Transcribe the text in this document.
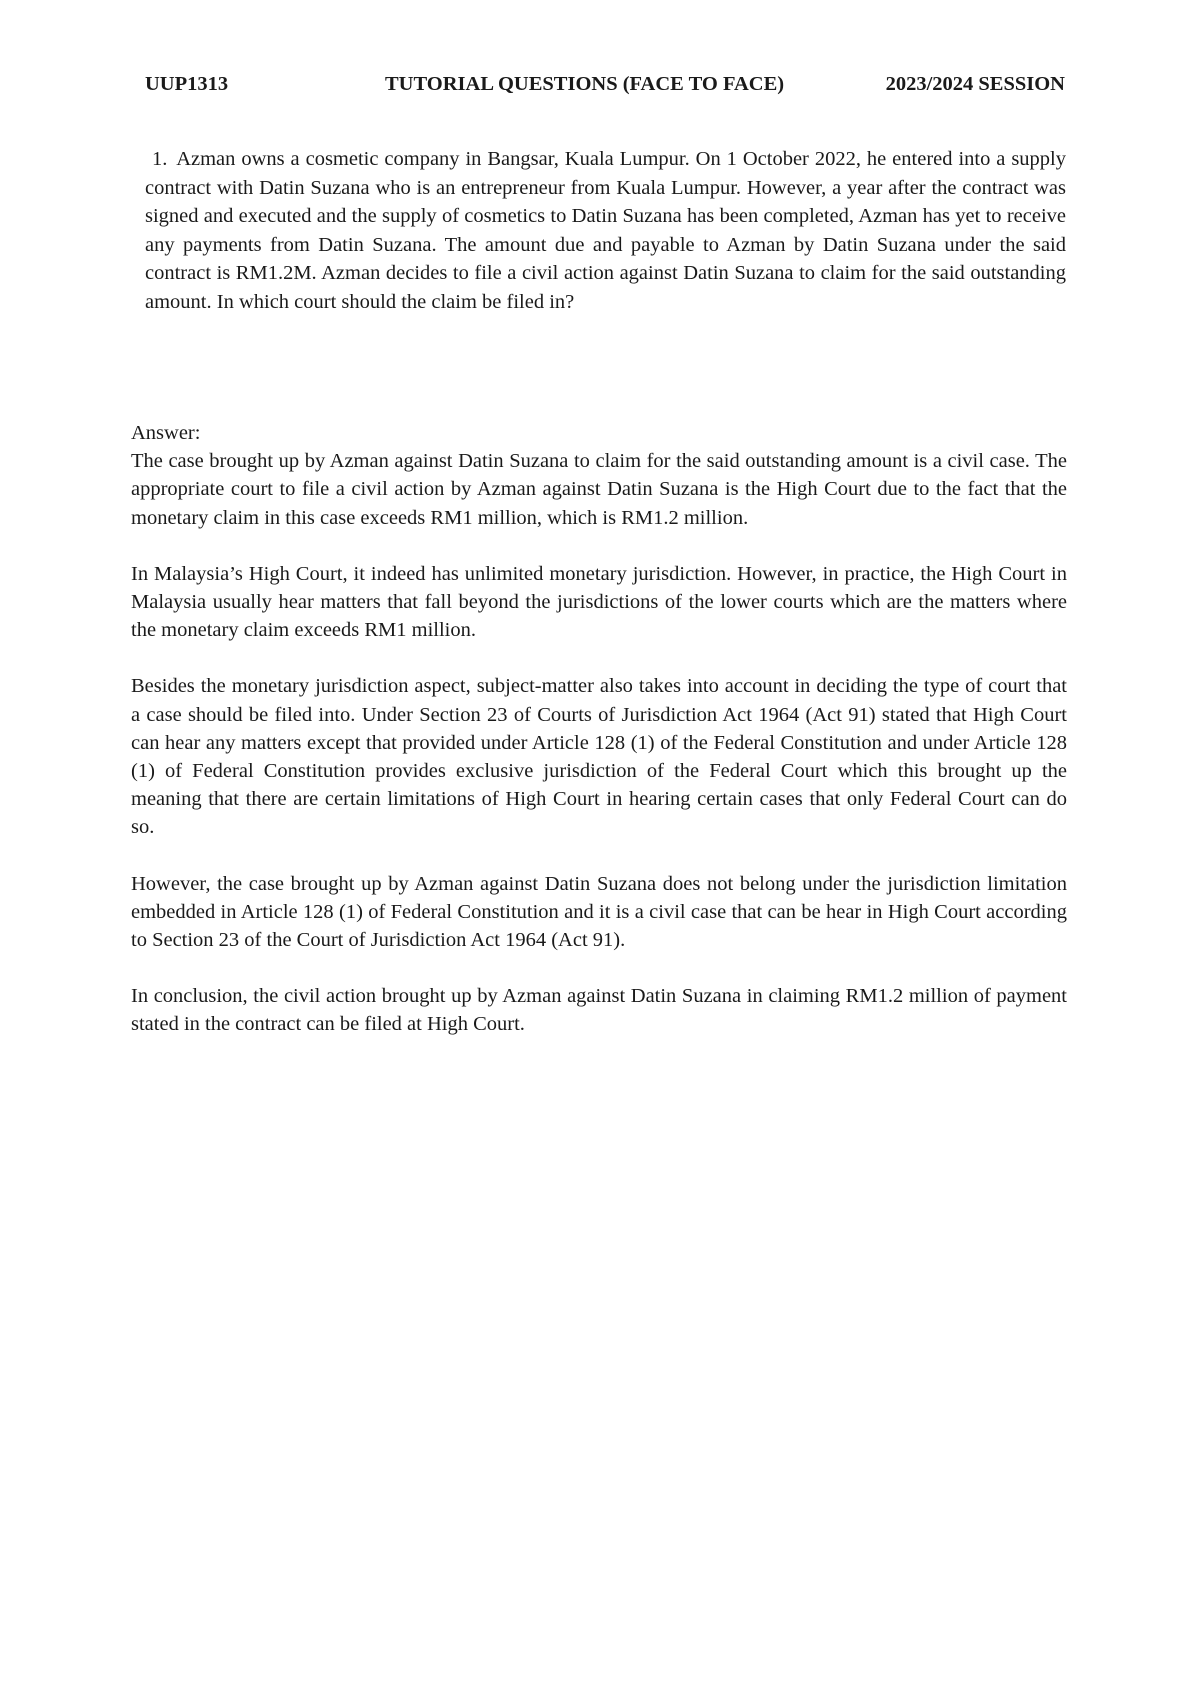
UUP1313	TUTORIAL QUESTIONS (FACE TO FACE)	2023/2024 SESSION

1. Azman owns a cosmetic company in Bangsar, Kuala Lumpur. On 1 October 2022, he entered into a supply contract with Datin Suzana who is an entrepreneur from Kuala Lumpur. However, a year after the contract was signed and executed and the supply of cosmetics to Datin Suzana has been completed, Azman has yet to receive any payments from Datin Suzana. The amount due and payable to Azman by Datin Suzana under the said contract is RM1.2M. Azman decides to file a civil action against Datin Suzana to claim for the said outstanding amount. In which court should the claim be filed in?

Answer:

The case brought up by Azman against Datin Suzana to claim for the said outstanding amount is a civil case. The appropriate court to file a civil action by Azman against Datin Suzana is the High Court due to the fact that the monetary claim in this case exceeds RM1 million, which is RM1.2 million.

In Malaysia’s High Court, it indeed has unlimited monetary jurisdiction. However, in practice, the High Court in Malaysia usually hear matters that fall beyond the jurisdictions of the lower courts which are the matters where the monetary claim exceeds RM1 million.

Besides the monetary jurisdiction aspect, subject-matter also takes into account in deciding the type of court that a case should be filed into. Under Section 23 of Courts of Jurisdiction Act 1964 (Act 91) stated that High Court can hear any matters except that provided under Article 128 (1) of the Federal Constitution and under Article 128 (1) of Federal Constitution provides exclusive jurisdiction of the Federal Court which this brought up the meaning that there are certain limitations of High Court in hearing certain cases that only Federal Court can do so.

However, the case brought up by Azman against Datin Suzana does not belong under the jurisdiction limitation embedded in Article 128 (1) of Federal Constitution and it is a civil case that can be hear in High Court according to Section 23 of the Court of Jurisdiction Act 1964 (Act 91).

In conclusion, the civil action brought up by Azman against Datin Suzana in claiming RM1.2 million of payment stated in the contract can be filed at High Court.
